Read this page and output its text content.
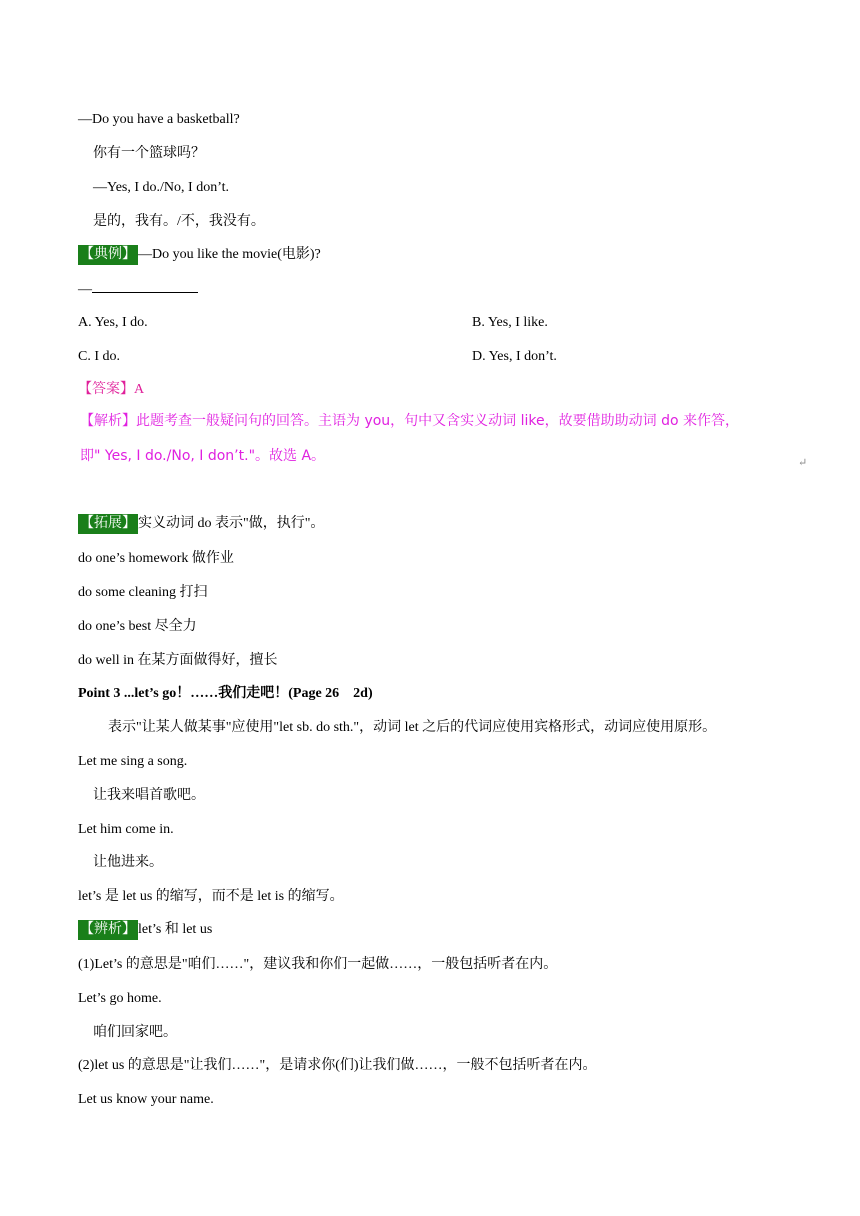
—Do you have a basketball?
你有一个篮球吗？
—Yes, I do./No, I don’t.
是的，我有。/不，我没有。
【典例】 —Do you like the movie(电影)?
—
A. Yes, I do.	B. Yes, I like.
C. I do.	D. Yes, I don’t.
【答案】A
【解析】此题考查一般疑问句的回答。主语为 you，句中又含实义动词 like，故要借助助动词 do 来作答，
即" Yes, I do./No, I don’t."。故选 A。	↵
【拓展】 实义动词 do 表示"做，执行"。
do one’s homework 做作业
do some cleaning 打扫
do one’s best 尽全力
do well in 在某方面做得好，擅长
Point 3 ...let’s go！……我们走吧！(Page 26　2d)
表示"让某人做某事"应使用"let sb. do sth."，动词 let 之后的代词应使用宾格形式，动词应使用原形。
Let me sing a song.
让我来唱首歌吧。
Let him come in.
让他进来。
let’s 是 let us 的缩写，而不是 let is 的缩写。
【辨析】 let’s 和 let us
(1)Let’s 的意思是"咱们……"，建议我和你们一起做……，一般包括听者在内。
Let’s go home.
咱们回家吧。
(2)let us 的意思是"让我们……"，是请求你(们)让我们做……，一般不包括听者在内。
Let us know your name.
